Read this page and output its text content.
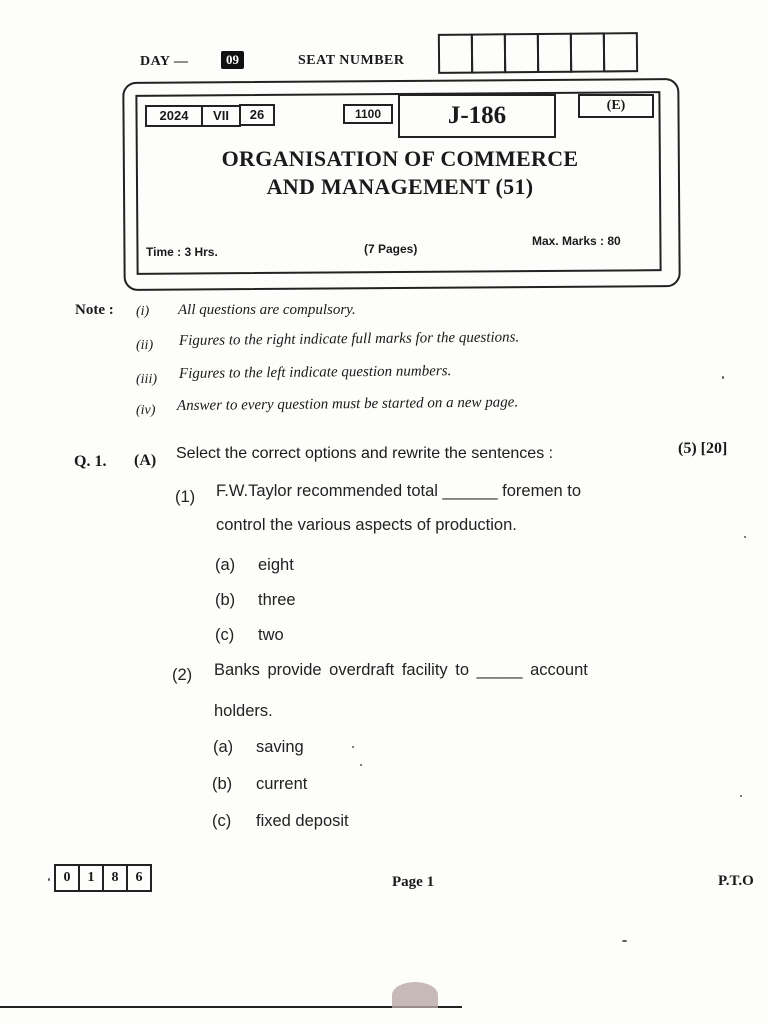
DAY —	09	SEAT NUMBER
2024	VII	26	1100	J-186	(E)
ORGANISATION OF COMMERCE
AND MANAGEMENT (51)
Time : 3 Hrs.	(7 Pages)
Max. Marks : 80
Note : (i) All questions are compulsory.
(ii) Figures to the right indicate full marks for the questions.
(iii) Figures to the left indicate question numbers.
(iv) Answer to every question must be started on a new page.
Q. 1. (A) Select the correct options and rewrite the sentences :	(5) [20]
(1) F.W.Taylor recommended total ______ foremen to
control the various aspects of production.
(a) eight
(b) three
(c) two
(2) Banks provide overdraft facility to _____ account
holders.
(a) saving
(b) current
(c) fixed deposit
0	1	8	6	Page 1	P.T.O
